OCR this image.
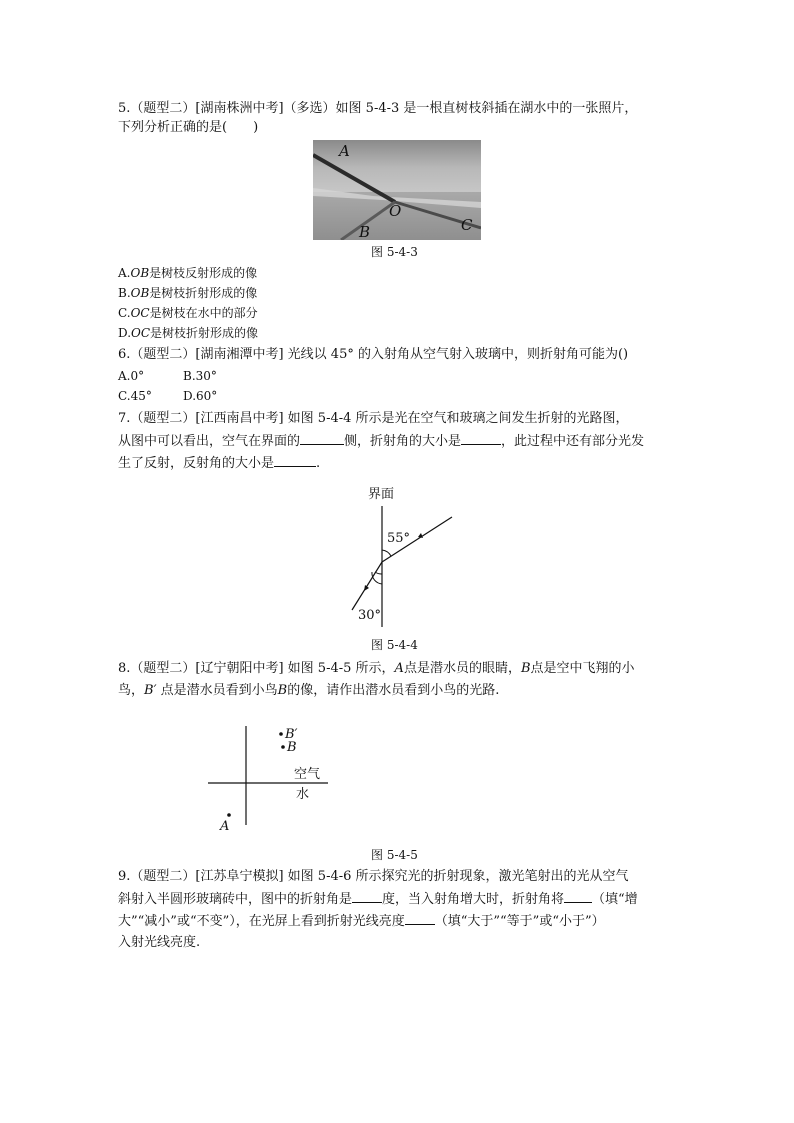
5.（题型二）[湖南株洲中考]（多选）如图 5-4-3 是一根直树枝斜插在湖水中的一张照片，
下列分析正确的是(　　)
A
O
B	C
图 5-4-3
A.OB是树枝反射形成的像
B.OB是树枝折射形成的像
C.OC是树枝在水中的部分
D.OC是树枝折射形成的像
6.（题型二）[湖南湘潭中考] 光线以 45° 的入射角从空气射入玻璃中，则折射角可能为()
A.0°	B.30°
C.45°	D.60°
7.（题型二）[江西南昌中考] 如图 5-4-4 所示是光在空气和玻璃之间发生折射的光路图，
从图中可以看出，空气在界面的	侧，折射角的大小是	，此过程中还有部分光发
生了反射，反射角的大小是	.
界面
55°
30°
图 5-4-4
8.（题型二）[辽宁朝阳中考] 如图 5-4-5 所示，A点是潜水员的眼睛，B点是空中飞翔的小
鸟，B′ 点是潜水员看到小鸟B的像，请作出潜水员看到小鸟的光路.
B′
B
空气
水
A
图 5-4-5
9.（题型二）[江苏阜宁模拟] 如图 5-4-6 所示探究光的折射现象，激光笔射出的光从空气
斜射入半圆形玻璃砖中，图中的折射角是 度，当入射角增大时，折射角将 （填“增
大”“减小”或“不变”），在光屏上看到折射光线亮度 （填“大于”“等于”或“小于”）
入射光线亮度.
